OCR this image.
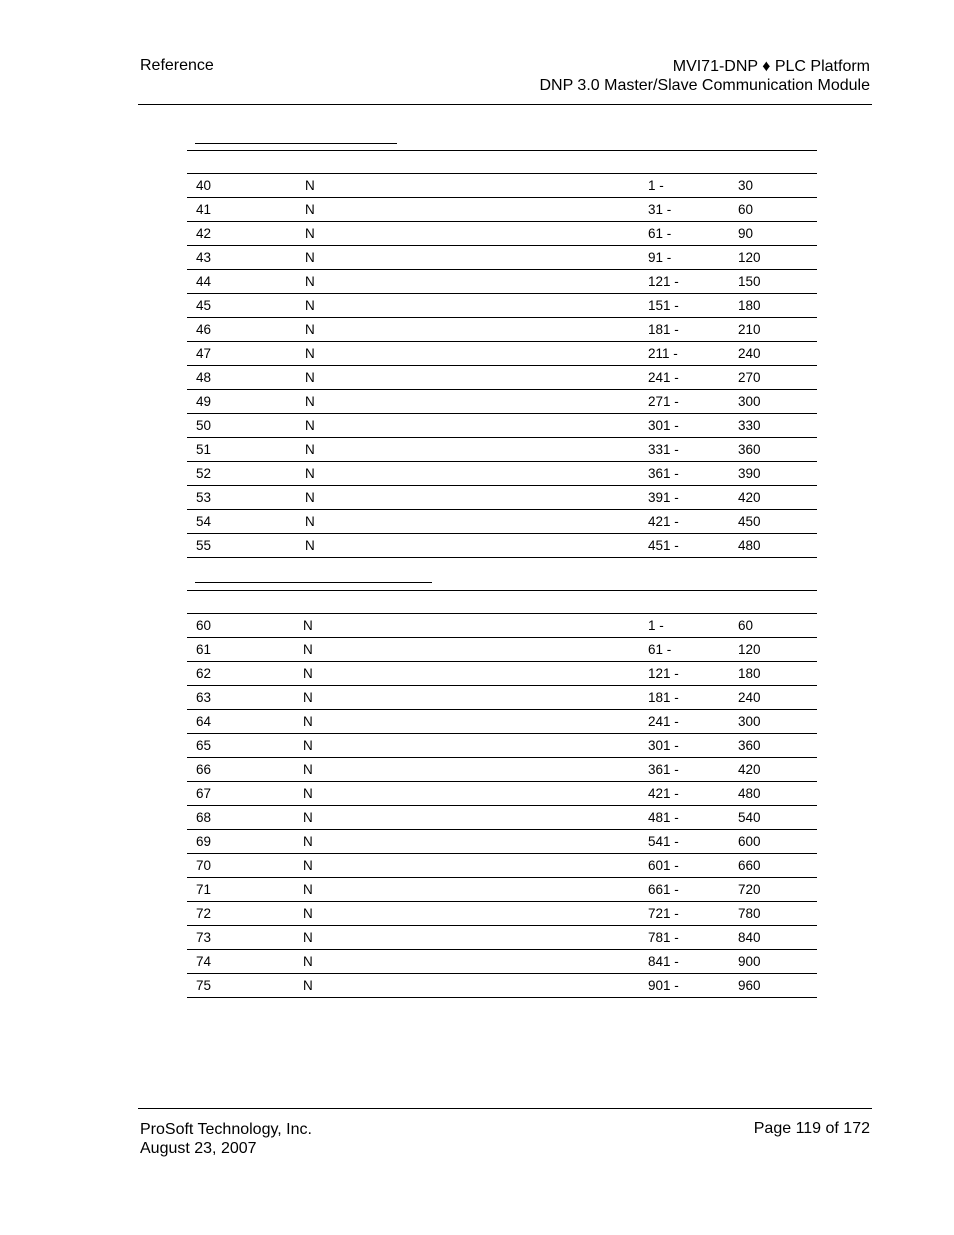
Reference	MVI71-DNP ♦ PLC Platform
DNP 3.0 Master/Slave Communication Module
40	N	1 -	30
41	N	31 -	60
42	N	61 -	90
43	N	91 -	120
44	N	121 -	150
45	N	151 -	180
46	N	181 -	210
47	N	211 -	240
48	N	241 -	270
49	N	271 -	300
50	N	301 -	330
51	N	331 -	360
52	N	361 -	390
53	N	391 -	420
54	N	421 -	450
55	N	451 -	480
60	N	1 -	60
61	N	61 -	120
62	N	121 -	180
63	N	181 -	240
64	N	241 -	300
65	N	301 -	360
66	N	361 -	420
67	N	421 -	480
68	N	481 -	540
69	N	541 -	600
70	N	601 -	660
71	N	661 -	720
72	N	721 -	780
73	N	781 -	840
74	N	841 -	900
75	N	901 -	960
ProSoft Technology, Inc.
August 23, 2007
Page 119 of 172
